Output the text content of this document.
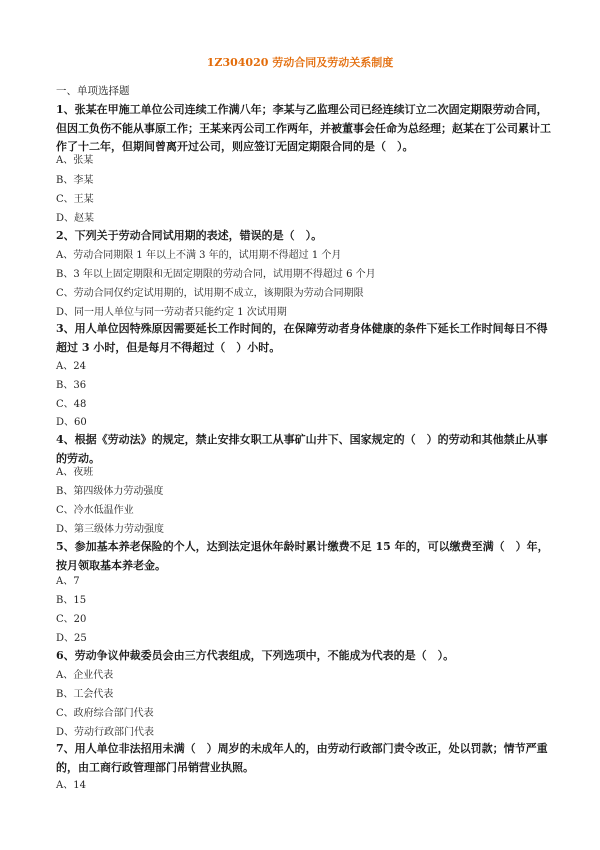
1Z304020 劳动合同及劳动关系制度
一、单项选择题
1、张某在甲施工单位公司连续工作满八年；李某与乙监理公司已经连续订立二次固定期限劳动合同，但因工负伤不能从事原工作；王某来丙公司工作两年，并被董事会任命为总经理；赵某在丁公司累计工作了十二年，但期间曾离开过公司，则应签订无固定期限合同的是（　）。
A、张某
B、李某
C、王某
D、赵某
2、下列关于劳动合同试用期的表述，错误的是（　）。
A、劳动合同期限 1 年以上不满 3 年的，试用期不得超过 1 个月
B、3 年以上固定期限和无固定期限的劳动合同，试用期不得超过 6 个月
C、劳动合同仅约定试用期的，试用期不成立，该期限为劳动合同期限
D、同一用人单位与同一劳动者只能约定 1 次试用期
3、用人单位因特殊原因需要延长工作时间的，在保障劳动者身体健康的条件下延长工作时间每日不得超过 3 小时，但是每月不得超过（　）小时。
A、24
B、36
C、48
D、60
4、根据《劳动法》的规定，禁止安排女职工从事矿山井下、国家规定的（　）的劳动和其他禁止从事的劳动。
A、夜班
B、第四级体力劳动强度
C、冷水低温作业
D、第三级体力劳动强度
5、参加基本养老保险的个人，达到法定退休年龄时累计缴费不足 15 年的，可以缴费至满（　）年，按月领取基本养老金。
A、7
B、15
C、20
D、25
6、劳动争议仲裁委员会由三方代表组成，下列选项中，不能成为代表的是（　）。
A、企业代表
B、工会代表
C、政府综合部门代表
D、劳动行政部门代表
7、用人单位非法招用未满（　）周岁的未成年人的，由劳动行政部门责令改正，处以罚款；情节严重的，由工商行政管理部门吊销营业执照。
A、14
